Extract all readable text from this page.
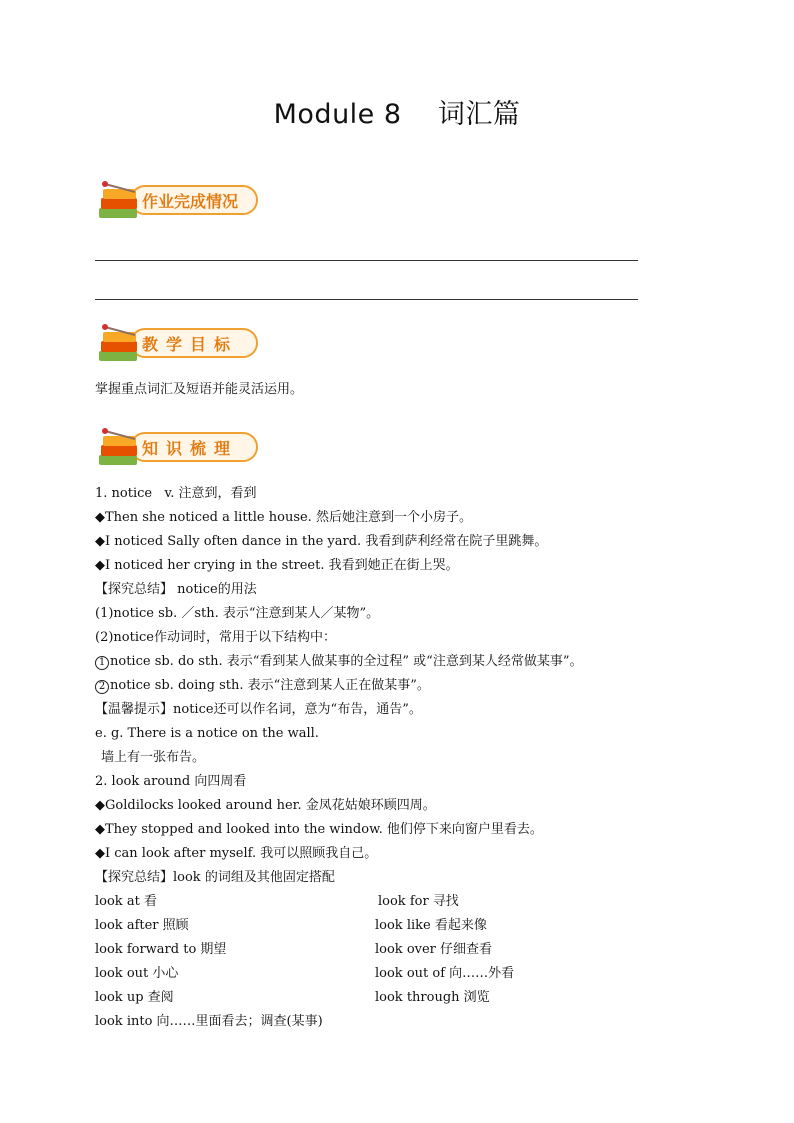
Module 8    词汇篇
作业完成情况
教学目标
掌握重点词汇及短语并能灵活运用。
知识梳理
1. notice   v. 注意到，看到
◆Then she noticed a little house. 然后她注意到一个小房子。
◆I noticed Sally often dance in the yard. 我看到萨利经常在院子里跳舞。
◆I noticed her crying in the street. 我看到她正在街上哭。
【探究总结】 notice的用法
(1)notice sb. ／sth. 表示“注意到某人／某物”。
(2)notice作动词时，常用于以下结构中：
1 notice sb. do sth. 表示“看到某人做某事的全过程” 或“注意到某人经常做某事”。
2 notice sb. doing sth. 表示“注意到某人正在做某事”。
【温馨提示】notice还可以作名词，意为“布告，通告”。
e. g. There is a notice on the wall.
墙上有一张布告。
2. look around 向四周看
◆Goldilocks looked around her. 金凤花姑娘环顾四周。
◆They stopped and looked into the window. 他们停下来向窗户里看去。
◆I can look after myself. 我可以照顾我自己。
【探究总结】look 的词组及其他固定搭配
look at 看	look for 寻找
look after 照顾	look like 看起来像
look forward to 期望	look over 仔细查看
look out 小心	look out of 向……外看
look up 查阅	look through 浏览
look into 向……里面看去；调查(某事)
